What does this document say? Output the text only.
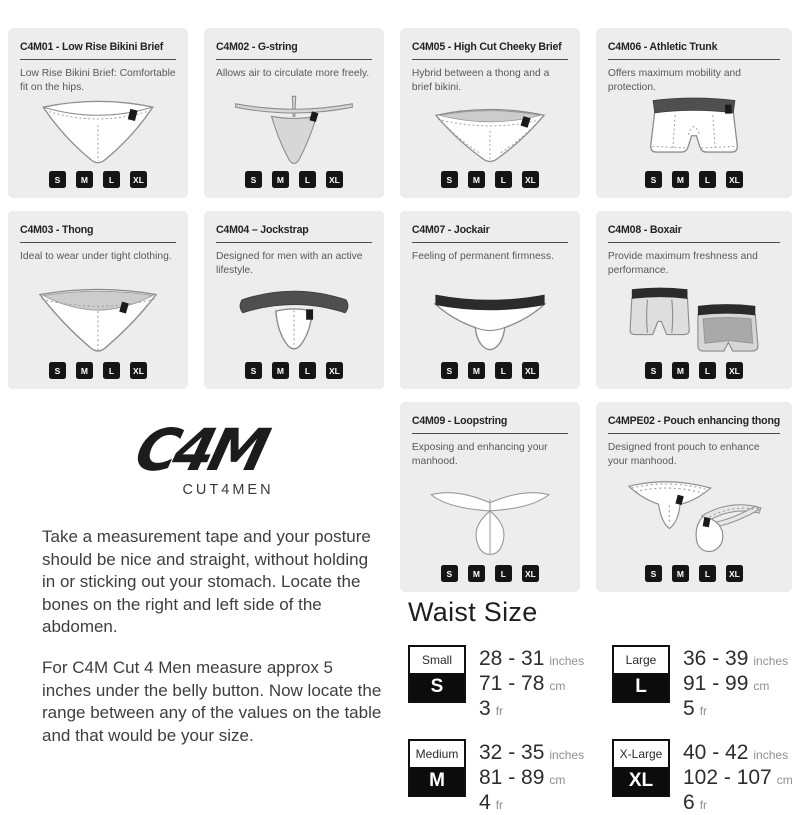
C4M01 - Low Rise Bikini Brief

Low Rise Bikini Brief: Comfortable fit on the hips.

S	M	L	XL
C4M02 - G-string

Allows air to circulate more freely.

S	M	L	XL
C4M05 - High Cut Cheeky Brief

Hybrid between a thong and a brief bikini.

S	M	L	XL
C4M06 - Athletic Trunk

Offers maximum mobility and protection.

S	M	L	XL
C4M03 - Thong

Ideal to wear under tight clothing.

S	M	L	XL
C4M04 – Jockstrap

Designed for men with an active lifestyle.

S	M	L	XL
C4M07 - Jockair

Feeling of permanent firmness.

S	M	L	XL
C4M08 - Boxair

Provide maximum freshness and performance.

S	M	L	XL
C4M09 - Loopstring

Exposing and enhancing your manhood.

S	M	L	XL
C4MPE02 - Pouch enhancing thong

Designed front pouch to enhance your manhood.

S	M	L	XL
C4M
CUT4MEN

Take a measurement tape and your posture should be nice and straight, without holding in or sticking out your stomach. Locate the bones on the right and left side of the abdomen.

For C4M Cut 4 Men measure approx 5 inches under the belly button. Now locate the range between any of the values on the table and that would be your size.

Waist Size
Small
S
28 - 31 inches
71 - 78 cm
3 fr
Medium
M
32 - 35 inches
81 - 89 cm
4 fr
Large
L
36 - 39 inches
91 - 99 cm
5 fr
X-Large
XL
40 - 42 inches
102 - 107 cm
6 fr
